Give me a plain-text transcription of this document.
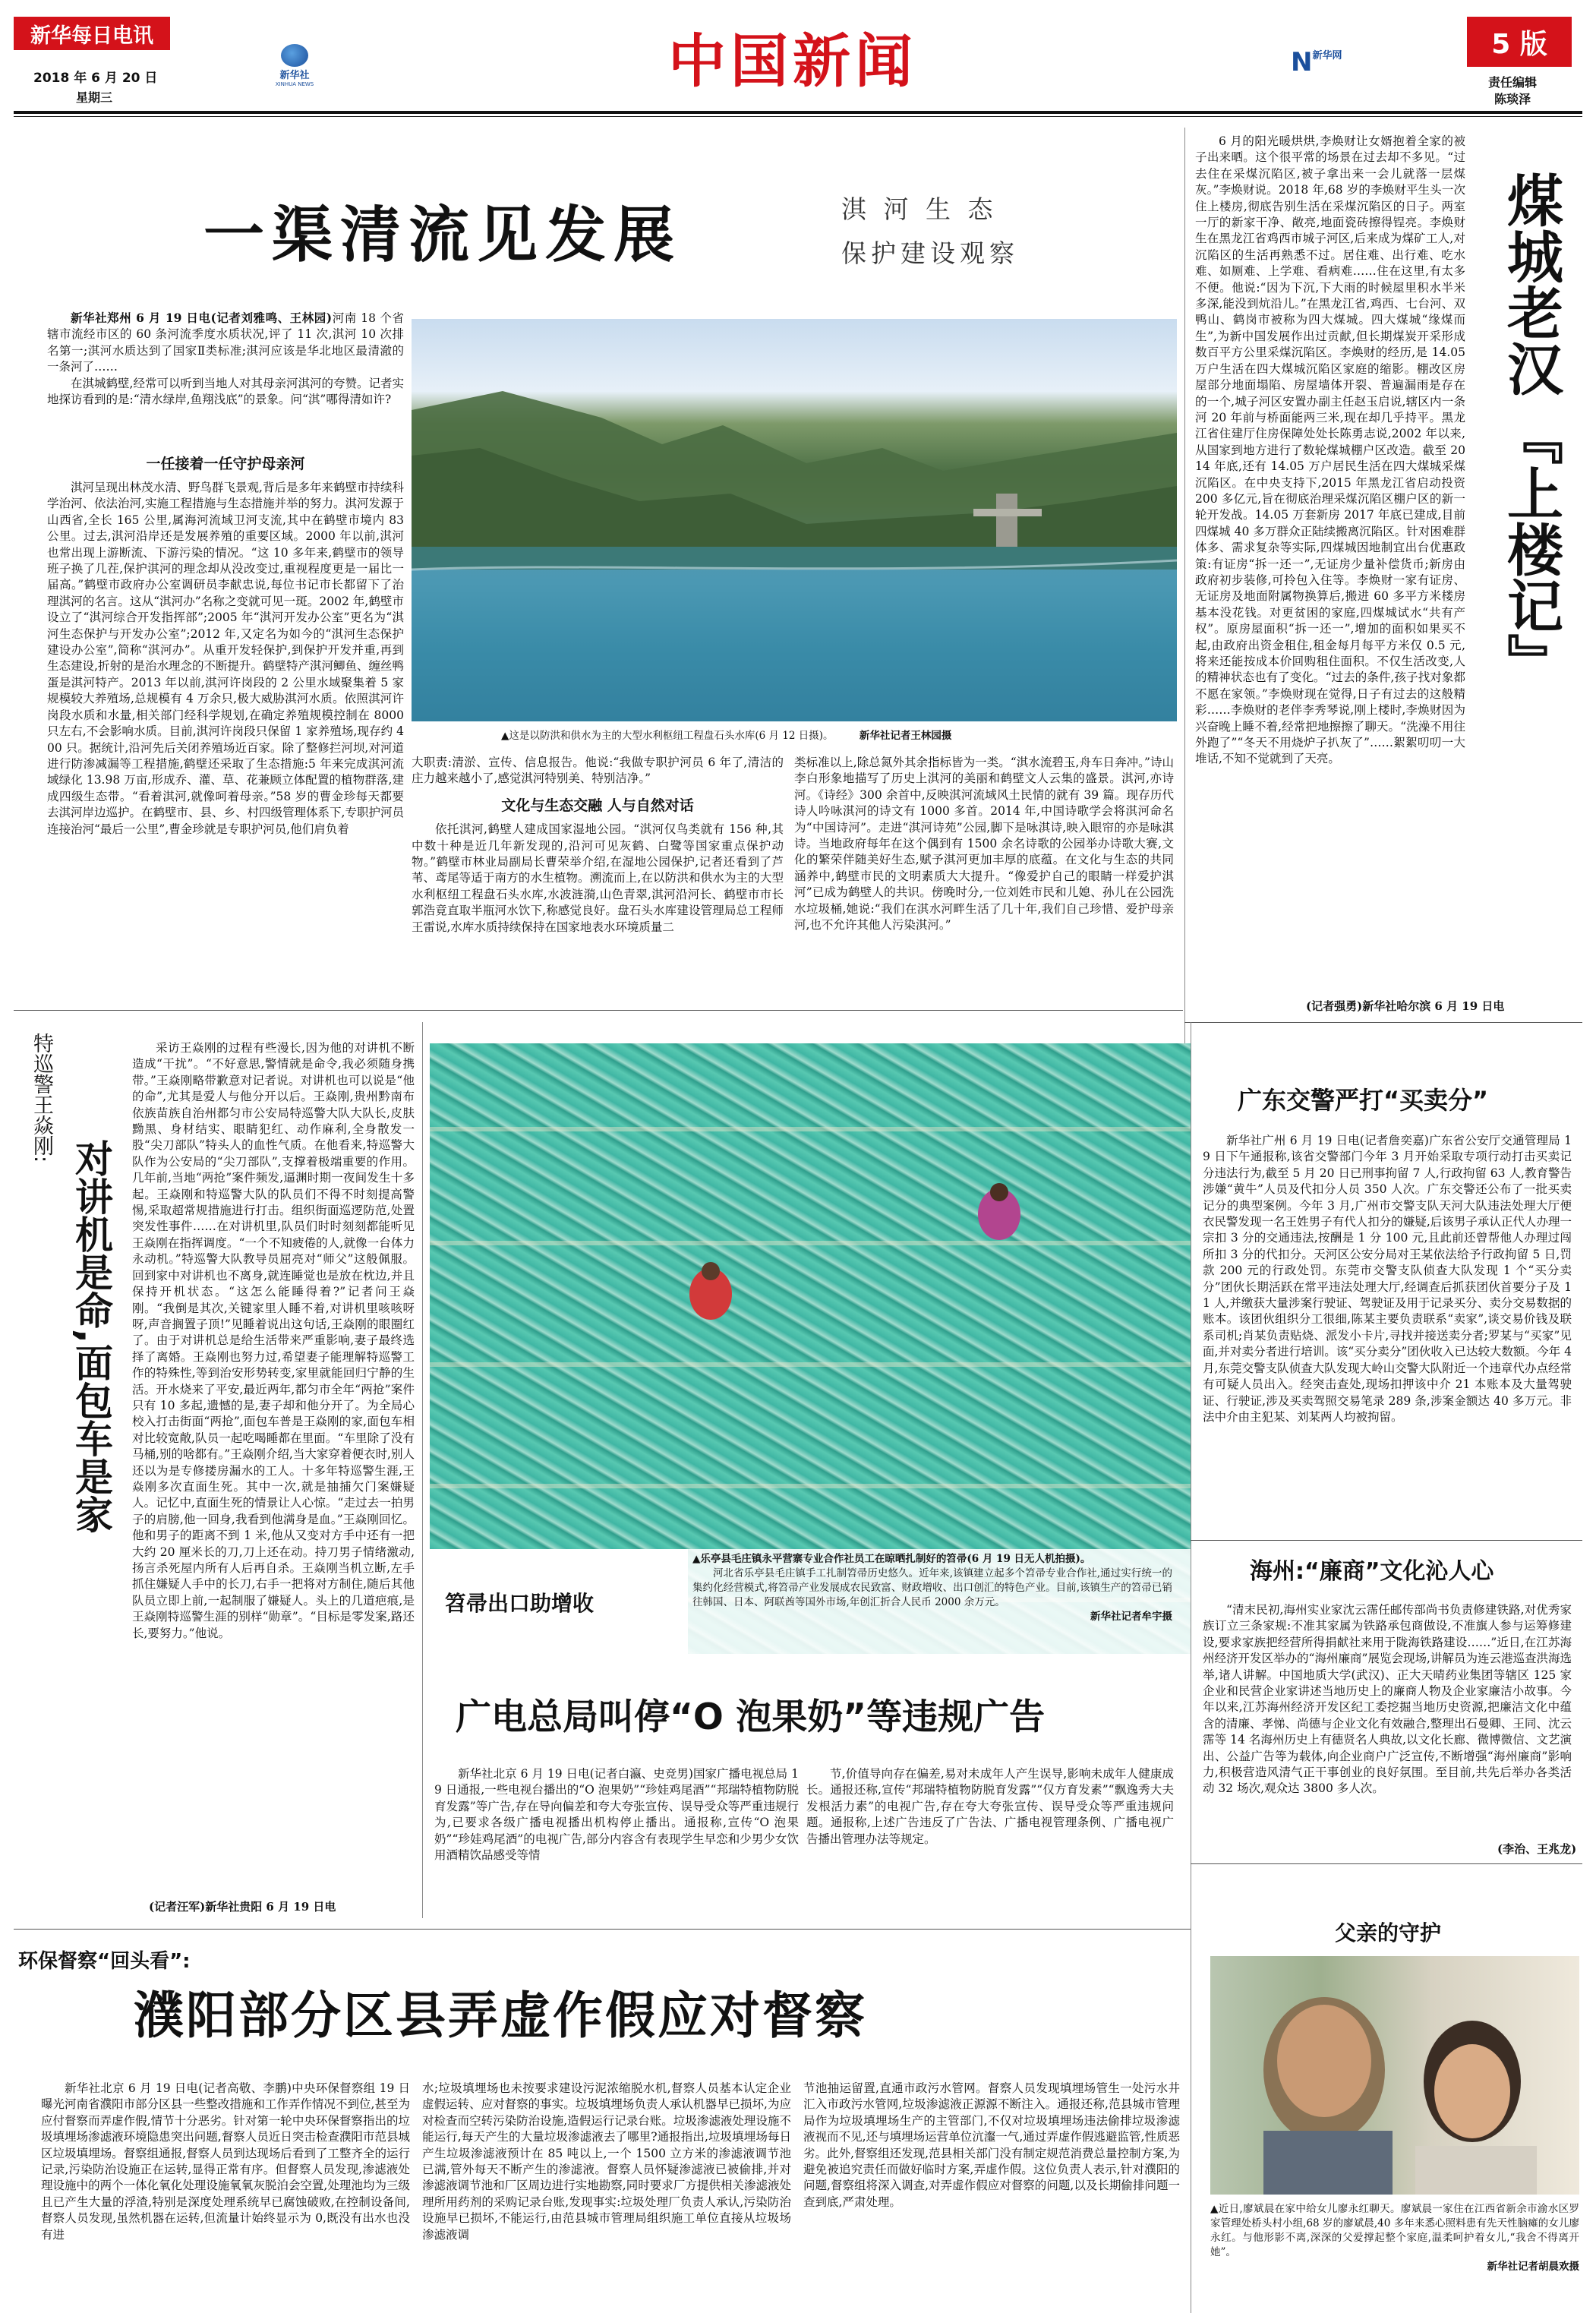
新华每日电讯
2018 年 6 月 20 日
星期三
新华社
XINHUA NEWS	中国新闻	$N^{新华网}$	5 版
责任编辑
陈琰泽
一渠清流见发展	淇 河 生 态
保护建设观察

新华社郑州 6 月 19 日电(记者刘雅鸣、王林园)河南 18 个省辖市流经市区的 60 条河流季度水质状况,评了 11 次,淇河 10 次排名第一;淇河水质达到了国家Ⅱ类标准;淇河应该是华北地区最清澈的一条河了……

在淇城鹤壁,经常可以听到当地人对其母亲河淇河的夸赞。记者实地探访看到的是:“清水绿岸,鱼翔浅底”的景象。问“淇”哪得清如许?

一任接着一任守护母亲河
淇河呈现出林茂水清、野鸟群飞景观,背后是多年来鹤壁市持续科学治河、依法治河,实施工程措施与生态措施并举的努力。淇河发源于山西省,全长 165 公里,属海河流域卫河支流,其中在鹤壁市境内 83 公里。过去,淇河沿岸还是发展养殖的重要区域。2000 年以前,淇河也常出现上游断流、下游污染的情况。“这 10 多年来,鹤壁市的领导班子换了几茬,保护淇河的理念却从没改变过,重视程度更是一届比一届高。”鹤壁市政府办公室调研员李献忠说,每位书记市长都留下了治理淇河的名言。这从“淇河办”名称之变就可见一斑。2002 年,鹤壁市设立了“淇河综合开发指挥部”;2005 年“淇河开发办公室”更名为“淇河生态保护与开发办公室”;2012 年,又定名为如今的“淇河生态保护建设办公室”,简称“淇河办”。从重开发轻保护,到保护开发并重,再到生态建设,折射的是治水理念的不断提升。鹤壁特产淇河鲫鱼、缠丝鸭蛋是淇河特产。2013 年以前,淇河许岗段的 2 公里水域聚集着 5 家规模较大养殖场,总规模有 4 万余只,极大威胁淇河水质。依照淇河许岗段水质和水量,相关部门经科学规划,在确定养殖规模控制在 8000 只左右,不会影响水质。目前,淇河许岗段只保留 1 家养殖场,现存约 400 只。据统计,沿河先后关闭养殖场近百家。除了整修拦河坝,对河道进行防渗减漏等工程措施,鹤壁还采取了生态措施:5 年来完成淇河流域绿化 13.98 万亩,形成乔、灌、草、花兼顾立体配置的植物群落,建成四级生态带。“看着淇河,就像呵着母亲。”58 岁的曹金珍每天都要去淇河岸边巡护。在鹤壁市、县、乡、村四级管理体系下,专职护河员连接治河“最后一公里”,曹金珍就是专职护河员,他们肩负着
▲这是以防洪和供水为主的大型水利枢纽工程盘石头水库(6 月 12 日摄)。	新华社记者王林园摄
大职责:清淤、宣传、信息报告。他说:“我做专职护河员 6 年了,清洁的庄力越来越小了,感觉淇河特别美、特别洁净。”
文化与生态交融 人与自然对话
依托淇河,鹤壁人建成国家湿地公园。“淇河仅鸟类就有 156 种,其中数十种是近几年新发现的,沿河可见灰鹤、白鹭等国家重点保护动物。”鹤壁市林业局副局长曹荣举介绍,在湿地公园保护,记者还看到了芦苇、鸢尾等适于南方的水生植物。溯流而上,在以防洪和供水为主的大型水利枢纽工程盘石头水库,水波涟漪,山色青翠,淇河沿河长、鹤壁市市长郭浩竟直取半瓶河水饮下,称感觉良好。盘石头水库建设管理局总工程师王雷说,水库水质持续保持在国家地表水环境质量二
类标准以上,除总氮外其余指标皆为一类。“淇水流碧玉,舟车日奔冲。”诗山李白形象地描写了历史上淇河的美丽和鹤壁文人云集的盛景。淇河,亦诗河。《诗经》300 余首中,反映淇河流域风土民情的就有 39 篇。现存历代诗人吟咏淇河的诗文有 1000 多首。2014 年,中国诗歌学会将淇河命名为“中国诗河”。走进“淇河诗苑”公园,脚下是咏淇诗,映入眼帘的亦是咏淇诗。当地政府每年在这个偶到有 1500 余名诗歌的公园举办诗歌大赛,文化的繁荣伴随美好生态,赋予淇河更加丰厚的底蕴。在文化与生态的共同涵养中,鹤壁市民的文明素质大大提升。“像爱护自己的眼睛一样爱护淇河”已成为鹤壁人的共识。傍晚时分,一位刘姓市民和儿媳、孙儿在公园洗水垃圾桶,她说:“我们在淇水河畔生活了几十年,我们自己珍惜、爱护母亲河,也不允许其他人污染淇河。”
6 月的阳光暖烘烘,李焕财让女婿抱着全家的被子出来晒。这个很平常的场景在过去却不多见。“过去住在采煤沉陷区,被子拿出来一会儿就落一层煤灰。”李焕财说。2018 年,68 岁的李焕财平生头一次住上楼房,彻底告别生活在采煤沉陷区的日子。两室一厅的新家干净、敞亮,地面瓷砖擦得锃亮。李焕财生在黑龙江省鸡西市城子河区,后来成为煤矿工人,对沉陷区的生活再熟悉不过。居住难、出行难、吃水难、如厕难、上学难、看病难……住在这里,有太多不便。他说:“因为下沉,下大雨的时候屋里积水半米多深,能没到炕沿儿。”在黑龙江省,鸡西、七台河、双鸭山、鹤岗市被称为四大煤城。四大煤城“缘煤而生”,为新中国发展作出过贡献,但长期煤炭开采形成数百平方公里采煤沉陷区。李焕财的经历,是 14.05 万户生活在四大煤城沉陷区家庭的缩影。棚改区房屋部分地面塌陷、房屋墙体开裂、普遍漏雨是存在的一个,城子河区安置办副主任赵玉启说,辖区内一条河 20 年前与桥面能两三米,现在却几乎持平。黑龙江省住建厅住房保障处处长陈勇志说,2002 年以来,从国家到地方进行了数轮煤城棚户区改造。截至 2014 年底,还有 14.05 万户居民生活在四大煤城采煤沉陷区。在中央支持下,2015 年黑龙江省启动投资 200 多亿元,旨在彻底治理采煤沉陷区棚户区的新一轮开发战。14.05 万套新房 2017 年底已建成,目前四煤城 40 多万群众正陆续搬离沉陷区。针对困难群体多、需求复杂等实际,四煤城因地制宜出台优惠政策:有证房“拆一还一”,无证房少量补偿货币;新房由政府初步装修,可拎包入住等。李焕财一家有证房、无证房及地面附属物换算后,搬进 60 多平方米楼房基本没花钱。对更贫困的家庭,四煤城试水“共有产权”。原房屋面积“拆一还一”,增加的面积如果买不起,由政府出资金租住,租金每月每平方米仅 0.5 元,将来还能按成本价回购租住面积。不仅生活改变,人的精神状态也有了变化。“过去的条件,孩子找对象都不愿在家领。”李焕财现在觉得,日子有过去的这般精彩……李焕财的老伴李秀琴说,刚上楼时,李焕财因为兴奋晚上睡不着,经常把地擦擦了聊天。“洗澡不用往外跑了”“冬天不用烧炉子扒灰了”……絮絮叨叨一大堆话,不知不觉就到了天亮。
煤城老汉
『上楼记』
(记者强勇)新华社哈尔滨 6 月 19 日电
特巡警王焱刚:
对讲机是命,面包车是家
采访王焱刚的过程有些漫长,因为他的对讲机不断造成“干扰”。“不好意思,警情就是命令,我必须随身携带。”王焱刚略带歉意对记者说。对讲机也可以说是“他的命”,尤其是爱人与他分开以后。王焱刚,贵州黔南布依族苗族自治州都匀市公安局特巡警大队大队长,皮肤黝黑、身材结实、眼睛犯红、动作麻利,全身散发一股“尖刀部队”特头人的血性气质。在他看来,特巡警大队作为公安局的“尖刀部队”,支撑着极端重要的作用。几年前,当地“两抢”案件频发,逼渊时期一夜间发生十多起。王焱刚和特巡警大队的队员们不得不时刻提高警惕,采取超常规措施进行打击。组织街面巡逻防范,处置突发性事件……在对讲机里,队员们时时刻刻都能听见王焱刚在指挥调度。“一个不知疲倦的人,就像一台体力永动机。”特巡警大队教导员屈亮对“师父”这般佩服。回到家中对讲机也不离身,就连睡觉也是放在枕边,并且保持开机状态。“这怎么能睡得着?”记者问王焱刚。“我倒是其次,关键家里人睡不着,对讲机里咳咳呀呀,声音搁置子顶!”见睡着说出这句话,王焱刚的眼圈红了。由于对讲机总是给生活带来严重影响,妻子最终选择了离婚。王焱刚也努力过,希望妻子能理解特巡警工作的特殊性,等到治安形势转变,家里就能回归宁静的生活。开水烧来了平安,最近两年,都匀市全年“两抢”案件只有 10 多起,遗憾的是,妻子却和他分开了。为全局心校入打击街面“两抢”,面包车普是王焱刚的家,面包车相对比较宽敞,队员一起吃喝睡都在里面。“车里除了没有马桶,别的啥都有。”王焱刚介绍,当大家穿着便衣时,别人还以为是专修搂房漏水的工人。十多年特巡警生涯,王焱刚多次直面生死。其中一次,就是抽捕欠门案嫌疑人。记忆中,直面生死的情景让人心惊。“走过去一拍男子的肩膀,他一回身,我看到他满身是血。”王焱刚回忆。他和男子的距离不到 1 米,他从又变对方手中还有一把大约 20 厘米长的刀,刀上还在动。持刀男子情绪激动,扬言杀死屋内所有人后再自杀。王焱刚当机立断,左手抓住嫌疑人手中的长刀,右手一把将对方制住,随后其他队员立即上前,一起制服了嫌疑人。头上的几道疤痕,是王焱刚特巡警生涯的别样“勋章”。“目标是零发案,路还长,要努力。”他说。
(记者汪军)新华社贵阳 6 月 19 日电
笤帚出口助增收
▲乐亭县毛庄镇永平营寨专业合作社员工在晾晒扎制好的笤帚(6 月 19 日无人机拍摄)。
河北省乐亭县毛庄镇手工扎制笤帚历史悠久。近年来,该镇建立起多个笤帚专业合作社,通过实行统一的集约化经营模式,将笤帚产业发展成农民致富、财政增收、出口创汇的特色产业。目前,该镇生产的笤帚已销往韩国、日本、阿联酋等国外市场,年创汇折合人民币 2000 余万元。
新华社记者牟宇摄
广电总局叫停“O 泡果奶”等违规广告
新华社北京 6 月 19 日电(记者白瀛、史竞男)国家广播电视总局 19 日通报,一些电视台播出的“O 泡果奶”“珍娃鸡尾酒”“邦瑞特植物防脱育发露”等广告,存在导向偏差和夸大夸张宣传、误导受众等严重违规行为,已要求各级广播电视播出机构停止播出。通报称,宣传“O 泡果奶”“珍娃鸡尾酒”的电视广告,部分内容含有表现学生早恋和少男少女饮用酒精饮品感受等情
节,价值导向存在偏差,易对未成年人产生误导,影响未成年人健康成长。通报还称,宣传“邦瑞特植物防脱育发露”“仅方育发素”“飘逸秀大夫发根活力素”的电视广告,存在夸大夸张宣传、误导受众等严重违规问题。通报称,上述广告违反了广告法、广播电视管理条例、广播电视广告播出管理办法等规定。
广东交警严打“买卖分”
新华社广州 6 月 19 日电(记者詹奕嘉)广东省公安厅交通管理局 19 日下午通报称,该省交警部门今年 3 月开始采取专项行动打击买卖记分违法行为,截至 5 月 20 日已刑事拘留 7 人,行政拘留 63 人,教育警告涉嫌“黄牛”人员及代扣分人员 350 人次。广东交警还公布了一批买卖记分的典型案例。今年 3 月,广州市交警支队天河大队违法处理大厅便衣民警发现一名王姓男子有代人扣分的嫌疑,后该男子承认正代人办理一宗扣 3 分的交通违法,按酬是 1 分 100 元,且此前还曾帮他人办理过闯所扣 3 分的代扣分。天河区公安分局对王某依法给予行政拘留 5 日,罚款 200 元的行政处罚。东莞市交警支队侦查大队发现 1 个“买分卖分”团伙长期活跃在常平违法处理大厅,经调查后抓获团伙首要分子及 11 人,并缴获大量涉案行驶证、驾驶证及用于记录买分、卖分交易数据的账本。该团伙组织分工很细,陈某主要负责联系“卖家”,谈交易价钱及联系司机;肖某负责贴烧、派发小卡片,寻找并接送卖分者;罗某与“买家”见面,并对卖分者进行培训。该“买分卖分”团伙收入已达较大数额。今年 4 月,东莞交警支队侦查大队发现大岭山交警大队附近一个违章代办点经常有可疑人员出入。经突击查处,现场扣押该中介 21 本账本及大量驾驶证、行驶证,涉及买卖驾照交易笔录 289 条,涉案金额达 40 多万元。非法中介由主犯某、刘某两人均被拘留。
海州:“廉商”文化沁人心
“清末民初,海州实业家沈云霈任邮传部尚书负责修建铁路,对优秀家族订立三条家规:不准其家属为铁路承包商做设,不准旗人参与运筹修建设,要求家族把经营所得捐献社来用于陇海铁路建设……”近日,在江苏海州经济开发区举办的“海州廉商”展览会现场,讲解员为连云港巡查洪海选举,诸人讲解。中国地质大学(武汉)、正大天晴药业集团等辖区 125 家企业和民营企业家讲述当地历史上的廉商人物及企业家廉洁小故事。今年以来,江苏海州经济开发区纪工委挖掘当地历史资源,把廉洁文化中蕴含的清廉、孝悌、尚德与企业文化有效融合,整理出石曼卿、王同、沈云霈等 14 名海州历史上有德贤名人典故,以文化长廊、微博微信、文艺演出、公益广告等为载体,向企业商户广泛宣传,不断增强“海州廉商”影响力,积极营造风清气正干事创业的良好氛围。至目前,共先后举办各类活动 32 场次,观众达 3800 多人次。
(李治、王兆龙)
父亲的守护
▲近日,廖斌晨在家中给女儿廖永红聊天。廖斌晨一家住在江西省新余市渝水区罗家管理处桥头村小组,68 岁的廖斌晨,40 多年来悉心照料患有先天性脑瘫的女儿廖永红。与他形影不离,深深的父爱撑起整个家庭,温柔呵护着女儿,“我舍不得离开她”。
新华社记者胡晨欢摄
环保督察“回头看”:
濮阳部分区县弄虚作假应对督察
新华社北京 6 月 19 日电(记者高敬、李鹏)中央环保督察组 19 日曝光河南省濮阳市部分区县一些整改措施和工作弄作情况不到位,甚至为应付督察而弄虚作假,情节十分恶劣。针对第一轮中央环保督察指出的垃圾填埋场渗滤液环境隐患突出问题,督察人员近日突击检查濮阳市范县城区垃圾填埋场。督察组通报,督察人员到达现场后看到了工整齐全的运行记录,污染防治设施正在运转,显得正常有序。但督察人员发现,渗滤液处理设施中的两个一体化氧化处理设施氧氧灰脱泊会空置,处理池均为三级且已产生大量的浮渣,特别是深度处理系统早已腐蚀破败,在控制设备间,督察人员发现,虽然机器在运转,但流量计始终显示为 0,既没有出水也没有进
水;垃圾填埋场也未按要求建设污泥浓缩脱水机,督察人员基本认定企业虚假运转、应对督察的事实。垃圾填埋场负责人承认机器早已损坏,为应对检查而空转污染防治设施,造假运行记录台账。垃圾渗滤液处理设施不能运行,每天产生的大量垃圾渗滤液去了哪里?通报指出,垃圾填埋场每日产生垃圾渗滤液预计在 85 吨以上,一个 1500 立方米的渗滤液调节池已满,管外每天不断产生的渗滤液。督察人员怀疑渗滤液已被偷排,并对渗滤液调节池和厂区周边进行实地勘察,同时要求厂方提供相关渗滤液处理所用药剂的采购记录台账,发现事实:垃圾处理厂负责人承认,污染防治设施早已损坏,不能运行,由范县城市管理局组织施工单位直接从垃圾场渗滤液调
节池抽运留置,直通市政污水管网。督察人员发现填埋场管生一处污水井汇入市政污水管网,垃圾渗滤液正源源不断注入。通报还称,范县城市管理局作为垃圾填埋场生产的主管部门,不仅对垃圾填埋场违法偷排垃圾渗滤液视而不见,还与填埋场运营单位沆瀣一气,通过弄虚作假逃避监管,性质恶劣。此外,督察组还发现,范县相关部门没有制定规范消费总量控制方案,为避免被追究责任而做好临时方案,弄虚作假。这位负责人表示,针对濮阳的问题,督察组将深入调查,对弄虚作假应对督察的问题,以及长期偷排问题一查到底,严肃处理。
